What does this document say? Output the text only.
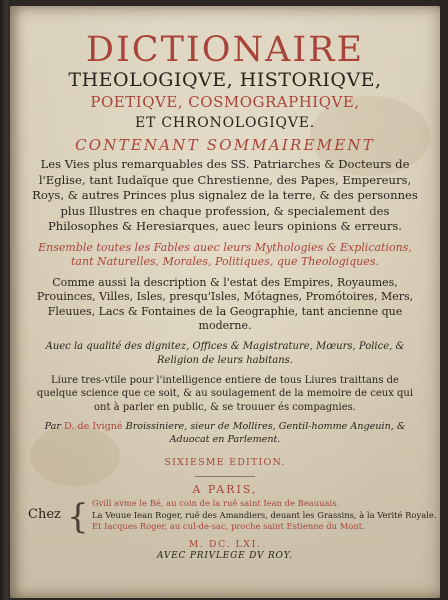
DICTIONAIRE
THEOLOGIQVE, HISTORIQVE,
POETIQVE, COSMOGRAPHIQVE,
ET CHRONOLOGIQVE.
CONTENANT SOMMAIREMENT
Les Vies plus remarquables des SS. Patriarches & Docteurs de l'Eglise, tant Iudaïque que Chrestienne, des Papes, Empereurs, Roys, & autres Princes plus signalez de la terre, & des personnes plus Illustres en chaque profession, & specialement des Philosophes & Heresiarques, auec leurs opinions & erreurs.
Ensemble toutes les Fables auec leurs Mythologies & Explications, tant Naturelles, Morales, Politiques, que Theologiques.
Comme aussi la description & l'estat des Empires, Royaumes, Prouinces, Villes, Isles, presqu'Isles, Mótagnes, Promótoires, Mers, Fleuues, Lacs & Fontaines de la Geographie, tant ancienne que moderne.
Auec la qualité des dignitez, Offices & Magistrature, Mœurs, Police, & Religion de leurs habitans.
Liure tres-vtile pour l'intelligence entiere de tous Liures traittans de quelque science que ce soit, & au soulagement de la memoire de ceux qui ont à parler en public, & se trouuer és compagnies.
Par D. de Ivigné Broissiniere, sieur de Mollires, Gentil-homme Angeuin, & Aduocat en Parlement.
SIXIESME EDITION.
A PARIS,
Chez { Gvill avme le Bé, au coin de la ruë saint Iean de Beauuais.
La Veuue Iean Roger, ruë des Amandiers, deuant les Grassins, à la Verité Royale.
Et Iacques Roger, au cul-de-sac, proche saint Estienne du Mont.
M. DC. LXI.
AVEC PRIVLEGE DV ROY.
